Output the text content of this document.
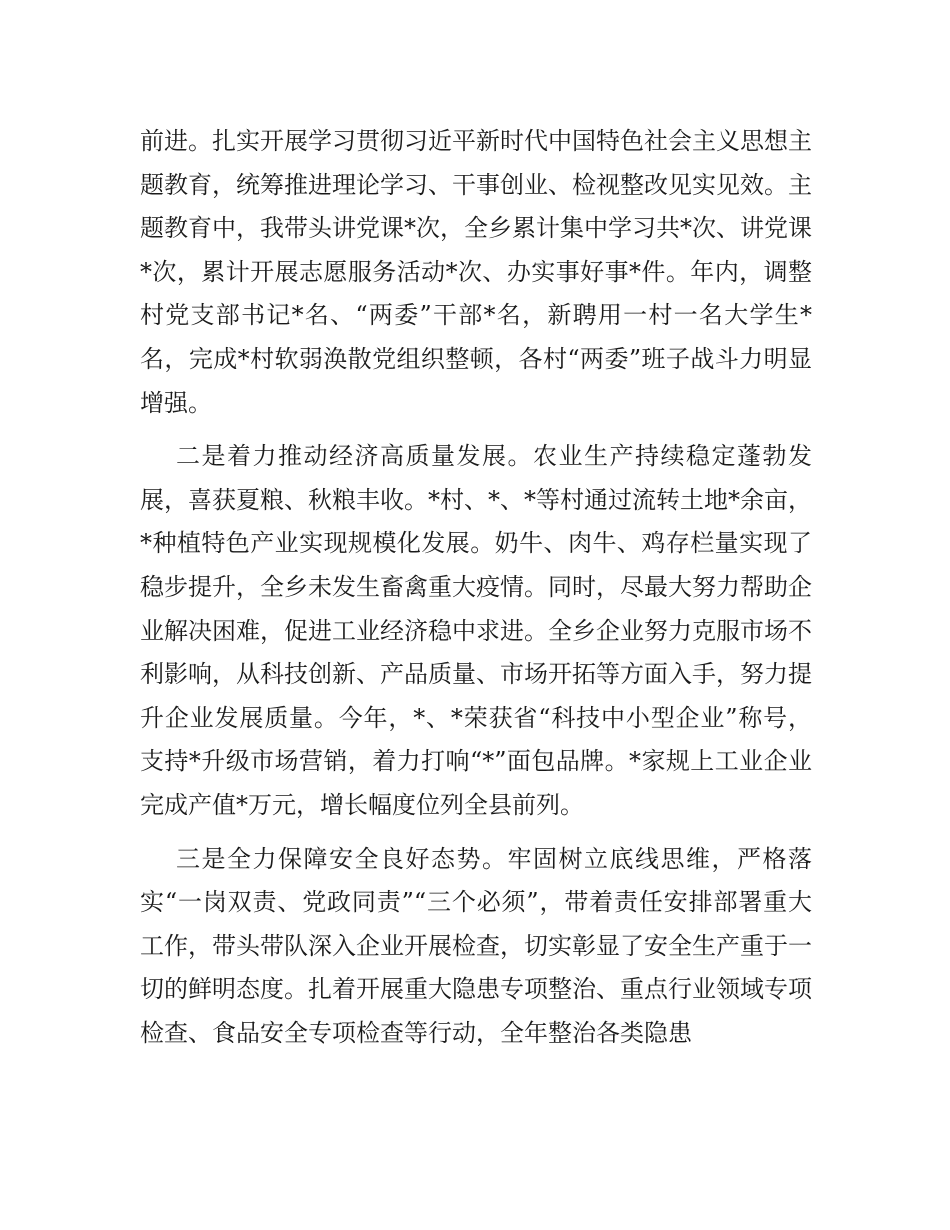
前进。扎实开展学习贯彻习近平新时代中国特色社会主义思想主题教育，统筹推进理论学习、干事创业、检视整改见实见效。主题教育中，我带头讲党课*次，全乡累计集中学习共*次、讲党课*次，累计开展志愿服务活动*次、办实事好事*件。年内，调整村党支部书记*名、“两委”干部*名，新聘用一村一名大学生*名，完成*村软弱涣散党组织整顿，各村“两委”班子战斗力明显增强。

二是着力推动经济高质量发展。农业生产持续稳定蓬勃发展，喜获夏粮、秋粮丰收。*村、*、*等村通过流转土地*余亩，*种植特色产业实现规模化发展。奶牛、肉牛、鸡存栏量实现了稳步提升，全乡未发生畜禽重大疫情。同时，尽最大努力帮助企业解决困难，促进工业经济稳中求进。全乡企业努力克服市场不利影响，从科技创新、产品质量、市场开拓等方面入手，努力提升企业发展质量。今年，*、*荣获省“科技中小型企业”称号，支持*升级市场营销，着力打响“*”面包品牌。*家规上工业企业完成产值*万元，增长幅度位列全县前列。

三是全力保障安全良好态势。牢固树立底线思维，严格落实“一岗双责、党政同责”“三个必须”，带着责任安排部署重大工作，带头带队深入企业开展检查，切实彰显了安全生产重于一切的鲜明态度。扎着开展重大隐患专项整治、重点行业领域专项检查、食品安全专项检查等行动，全年整治各类隐患
